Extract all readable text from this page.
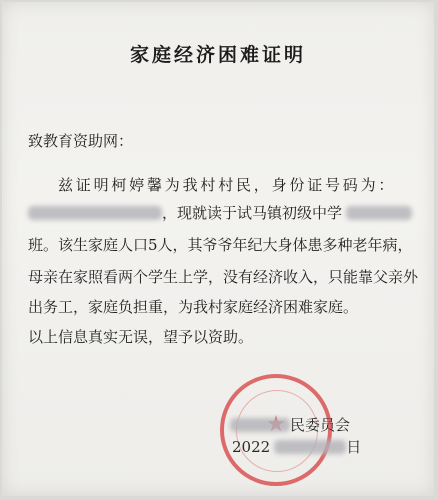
家庭经济困难证明
致教育资助网：
兹证明柯婷馨为我村村民，身份证号码为：
，现就读于试马镇初级中学
班。该生家庭人口5人，其爷爷年纪大身体患多种老年病，
母亲在家照看两个学生上学，没有经济收入，只能靠父亲外
出务工，家庭负担重，为我村家庭经济困难家庭。
以上信息真实无误，望予以资助。
民委员会
2022	日
